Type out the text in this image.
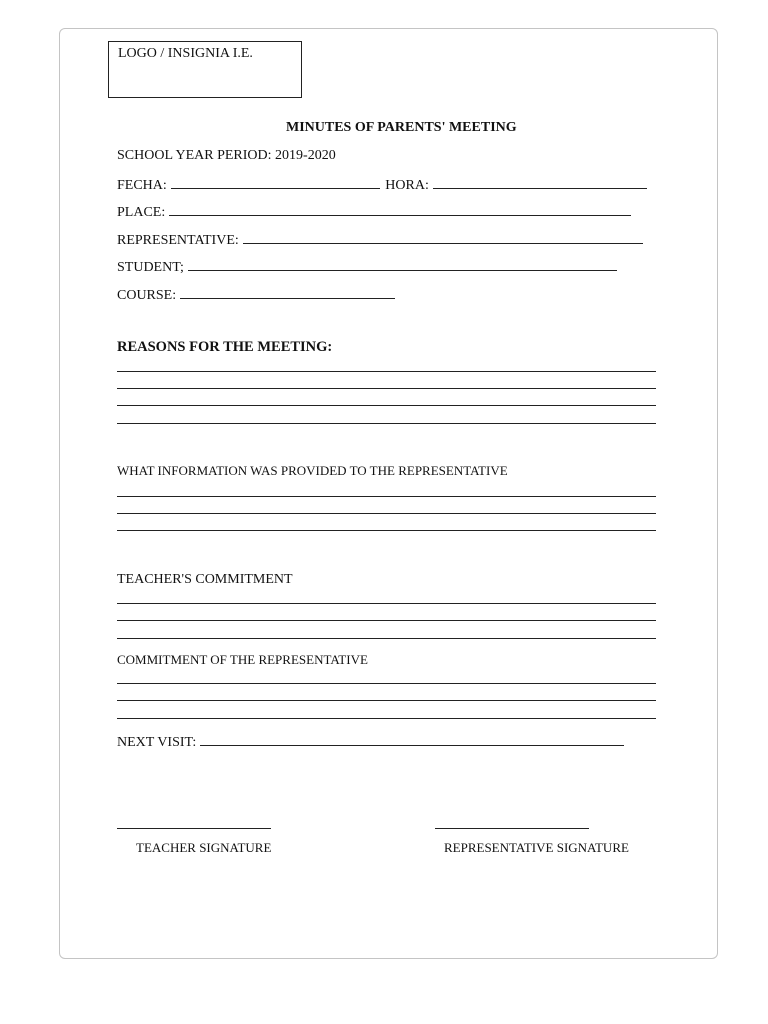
LOGO / INSIGNIA I.E.
MINUTES OF PARENTS' MEETING
SCHOOL YEAR PERIOD: 2019-2020
FECHA:	HORA:
PLACE:
REPRESENTATIVE:
STUDENT;
COURSE:
REASONS FOR THE MEETING:
WHAT INFORMATION WAS PROVIDED TO THE REPRESENTATIVE
TEACHER'S COMMITMENT
COMMITMENT OF THE REPRESENTATIVE
NEXT VISIT:
TEACHER SIGNATURE	REPRESENTATIVE SIGNATURE
